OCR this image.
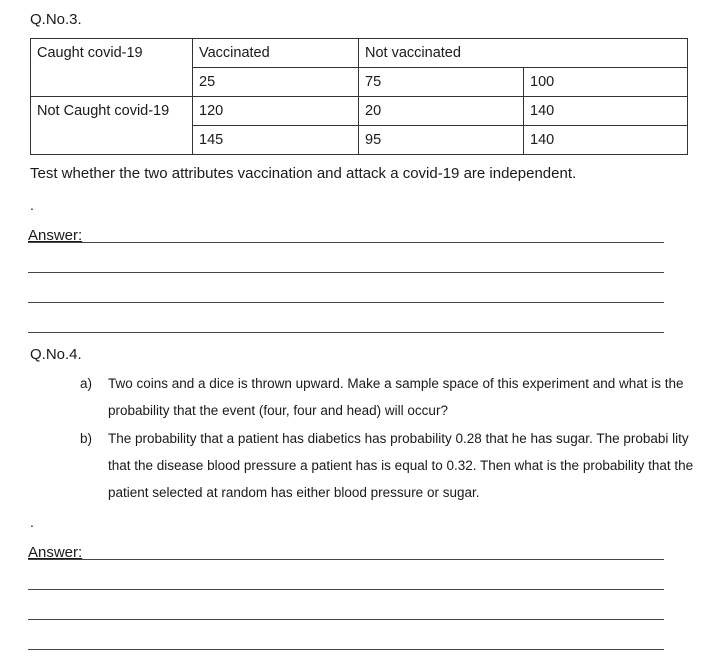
Q.No.3.
Caught covid-19	Vaccinated	Not vaccinated	
	25	75	100
Not Caught covid-19	120	20	140
	145	95	140
Test whether the two attributes vaccination and attack a covid-19 are independent.
.
Answer:
Q.No.4.
a) Two coins and a dice is thrown upward. Make a sample space of this experiment and what is the probability that the event (four, four and head) will occur?
b) The probability that a patient has diabetics has probability 0.28 that he has sugar. The probabi lity that the disease blood pressure a patient has is equal to 0.32. Then what is the probability that the patient selected at random has either blood pressure or sugar.
.
Answer:
